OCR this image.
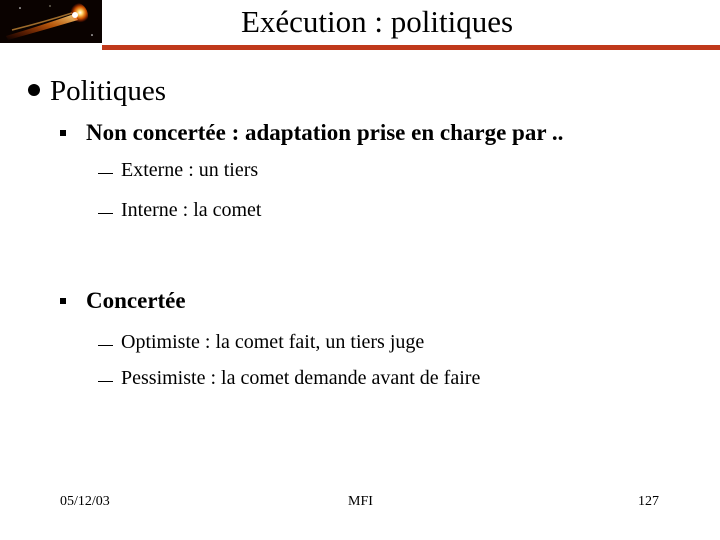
Exécution : politiques
Politiques
Non concertée : adaptation prise en charge par ..
Externe : un tiers
Interne : la comet
Concertée
Optimiste : la comet fait, un tiers juge
Pessimiste : la comet demande avant de faire
05/12/03	MFI	127
